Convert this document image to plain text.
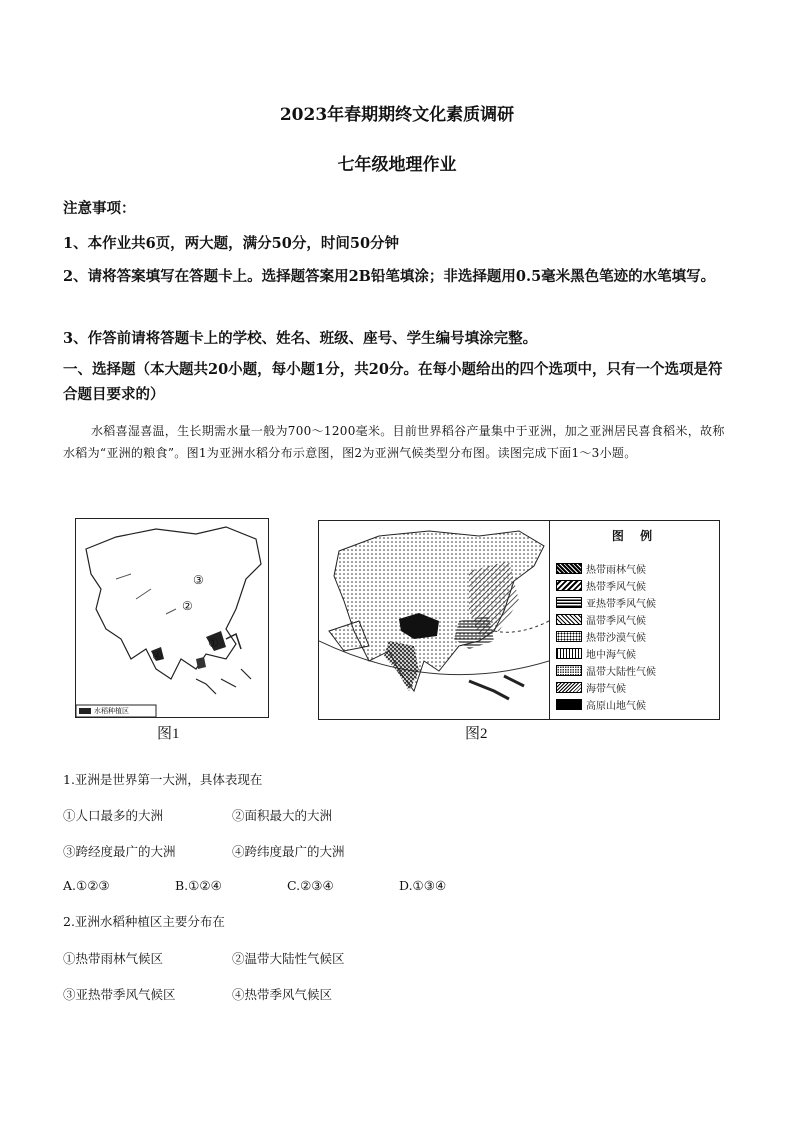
2023年春期期终文化素质调研
七年级地理作业
注意事项：
1、本作业共6页，两大题，满分50分，时间50分钟
2、请将答案填写在答题卡上。选择题答案用2B铅笔填涂；非选择题用0.5毫米黑色笔迹的水笔填写。
3、作答前请将答题卡上的学校、姓名、班级、座号、学生编号填涂完整。
一、选择题（本大题共20小题，每小题1分，共20分。在每小题给出的四个选项中，只有一个选项是符合题目要求的）
水稻喜湿喜温，生长期需水量一般为700～1200毫米。目前世界稻谷产量集中于亚洲，加之亚洲居民喜食稻米，故称水稻为“亚洲的粮食”。图1为亚洲水稻分布示意图，图2为亚洲气候类型分布图。读图完成下面1～3小题。
③
②
①
④
水稻种植区
图1
图 例
热带雨林气候
热带季风气候
亚热带季风气候
温带季风气候
热带沙漠气候
地中海气候
温带大陆性气候
海带气候
高原山地气候
图2
1.亚洲是世界第一大洲，具体表现在
①人口最多的大洲	②面积最大的大洲
③跨经度最广的大洲	④跨纬度最广的大洲
A.①②③	B.①②④	C.②③④	D.①③④
2.亚洲水稻种植区主要分布在
①热带雨林气候区	②温带大陆性气候区
③亚热带季风气候区	④热带季风气候区
